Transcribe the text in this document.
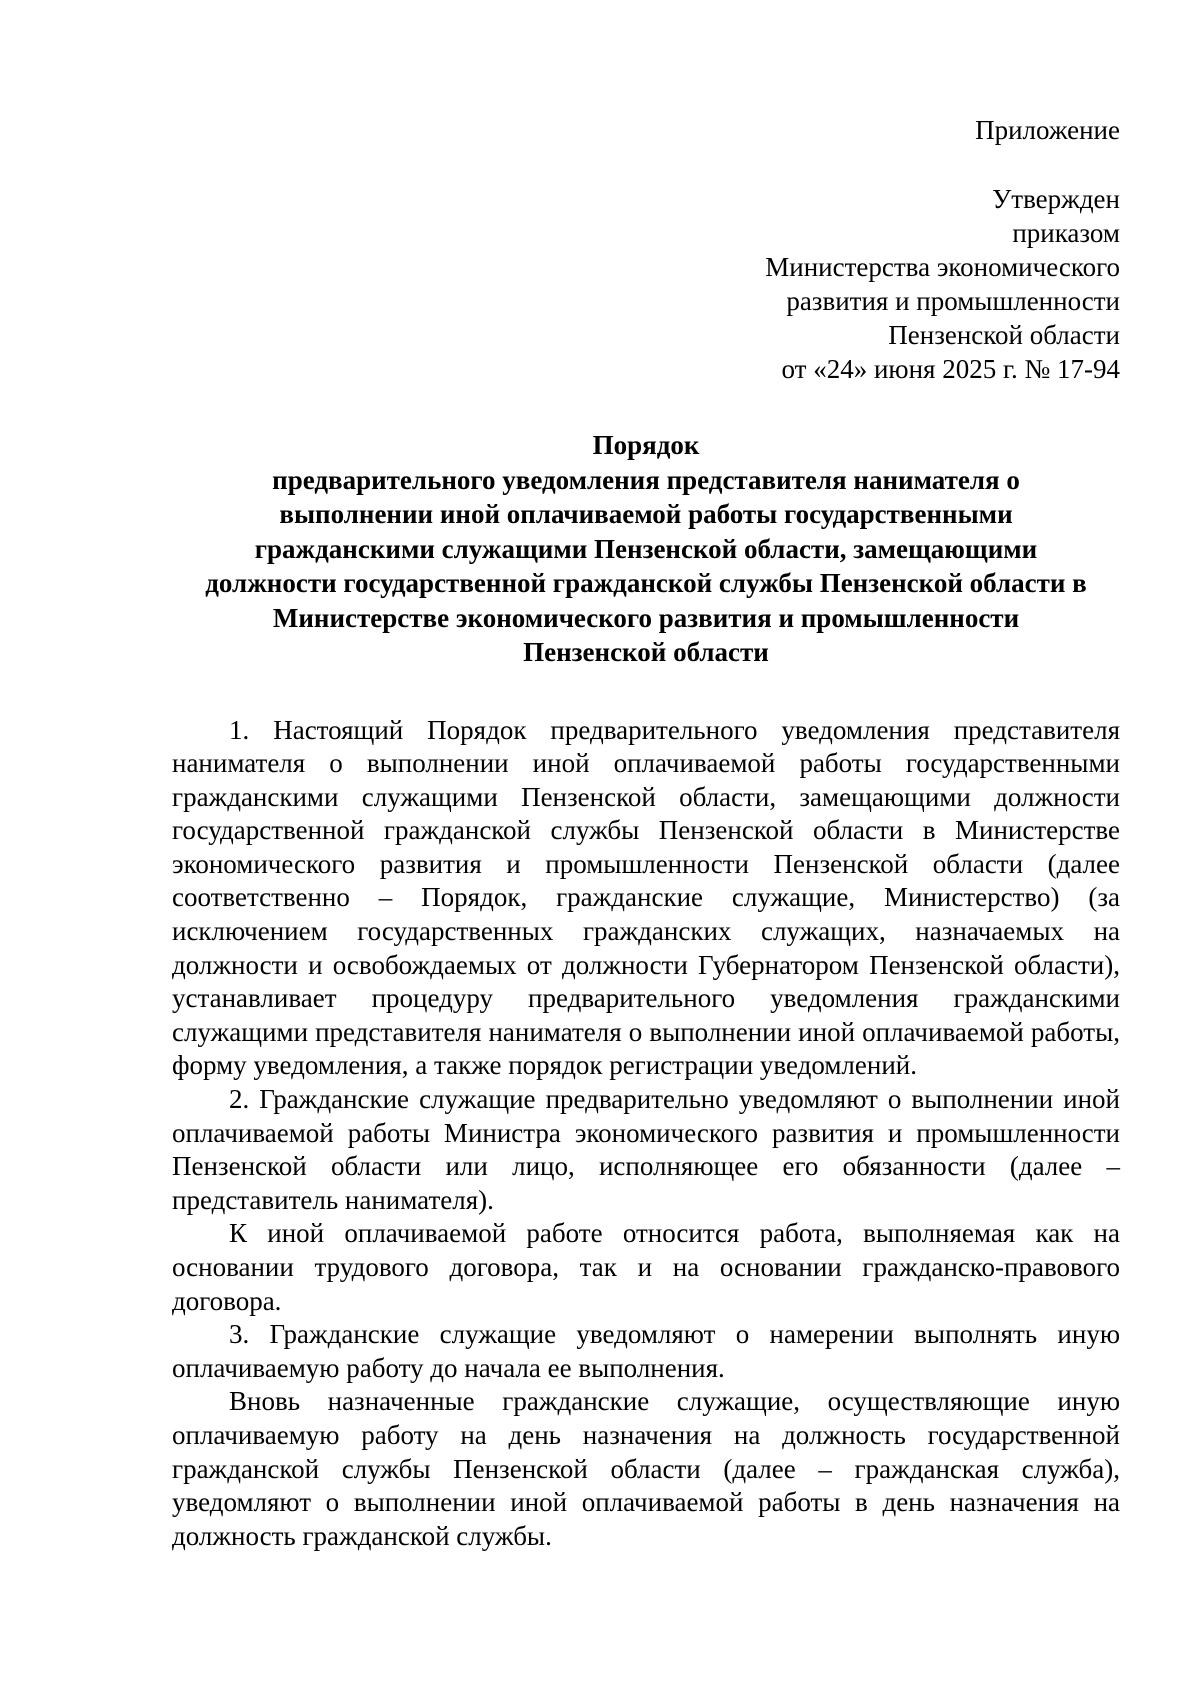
Приложение

Утвержден
приказом
Министерства экономического
развития и промышленности
Пензенской области
от «24» июня 2025 г. № 17-94
Порядок
предварительного уведомления представителя нанимателя о
выполнении иной оплачиваемой работы государственными
гражданскими служащими Пензенской области, замещающими
должности государственной гражданской службы Пензенской области в
Министерстве экономического развития и промышленности
Пензенской области

1. Настоящий Порядок предварительного уведомления представителя нанимателя о выполнении иной оплачиваемой работы государственными гражданскими служащими Пензенской области, замещающими должности государственной гражданской службы Пензенской области в Министерстве экономического развития и промышленности Пензенской области (далее соответственно – Порядок, гражданские служащие, Министерство) (за исключением государственных гражданских служащих, назначаемых на должности и освобождаемых от должности Губернатором Пензенской области), устанавливает процедуру предварительного уведомления гражданскими служащими представителя нанимателя о выполнении иной оплачиваемой работы, форму уведомления, а также порядок регистрации уведомлений.

2. Гражданские служащие предварительно уведомляют о выполнении иной оплачиваемой работы Министра экономического развития и промышленности Пензенской области или лицо, исполняющее его обязанности (далее – представитель нанимателя).

К иной оплачиваемой работе относится работа, выполняемая как на основании трудового договора, так и на основании гражданско-правового договора.

3. Гражданские служащие уведомляют о намерении выполнять иную оплачиваемую работу до начала ее выполнения.

Вновь назначенные гражданские служащие, осуществляющие иную оплачиваемую работу на день назначения на должность государственной гражданской службы Пензенской области (далее – гражданская служба), уведомляют о выполнении иной оплачиваемой работы в день назначения на должность гражданской службы.
